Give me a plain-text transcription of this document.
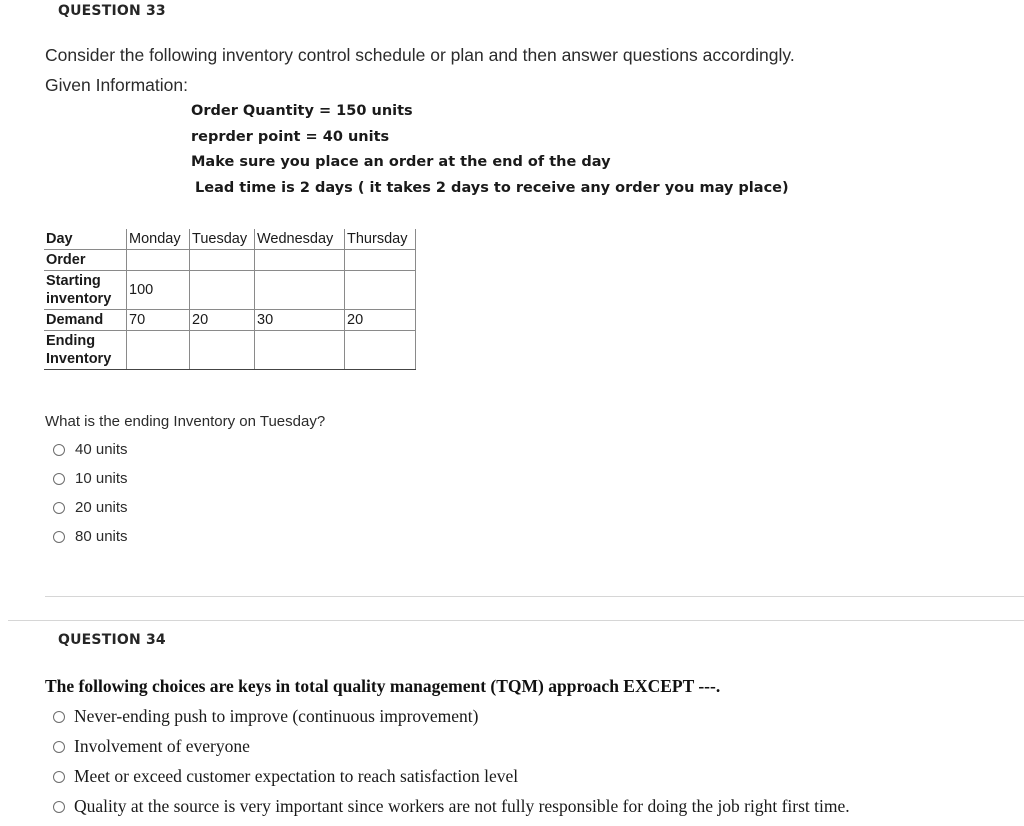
QUESTION 33
Consider the following inventory control schedule or plan and then answer questions accordingly.
Given Information:
Order Quantity = 150 units
reprder point = 40 units
Make sure you place an order at the end of the day
Lead time is 2 days ( it takes 2 days to receive any order you may place)
Day	Monday	Tuesday	Wednesday	Thursday
Order				

Starting
inventory	100			
Demand	70	20	30	20

Ending
Inventory				

What is the ending Inventory on Tuesday?
40 units
10 units
20 units
80 units
QUESTION 34
The following choices are keys in total quality management (TQM) approach EXCEPT ---.
Never-ending push to improve (continuous improvement)
Involvement of everyone
Meet or exceed customer expectation to reach satisfaction level
Quality at the source is very important since workers are not fully responsible for doing the job right first time.
